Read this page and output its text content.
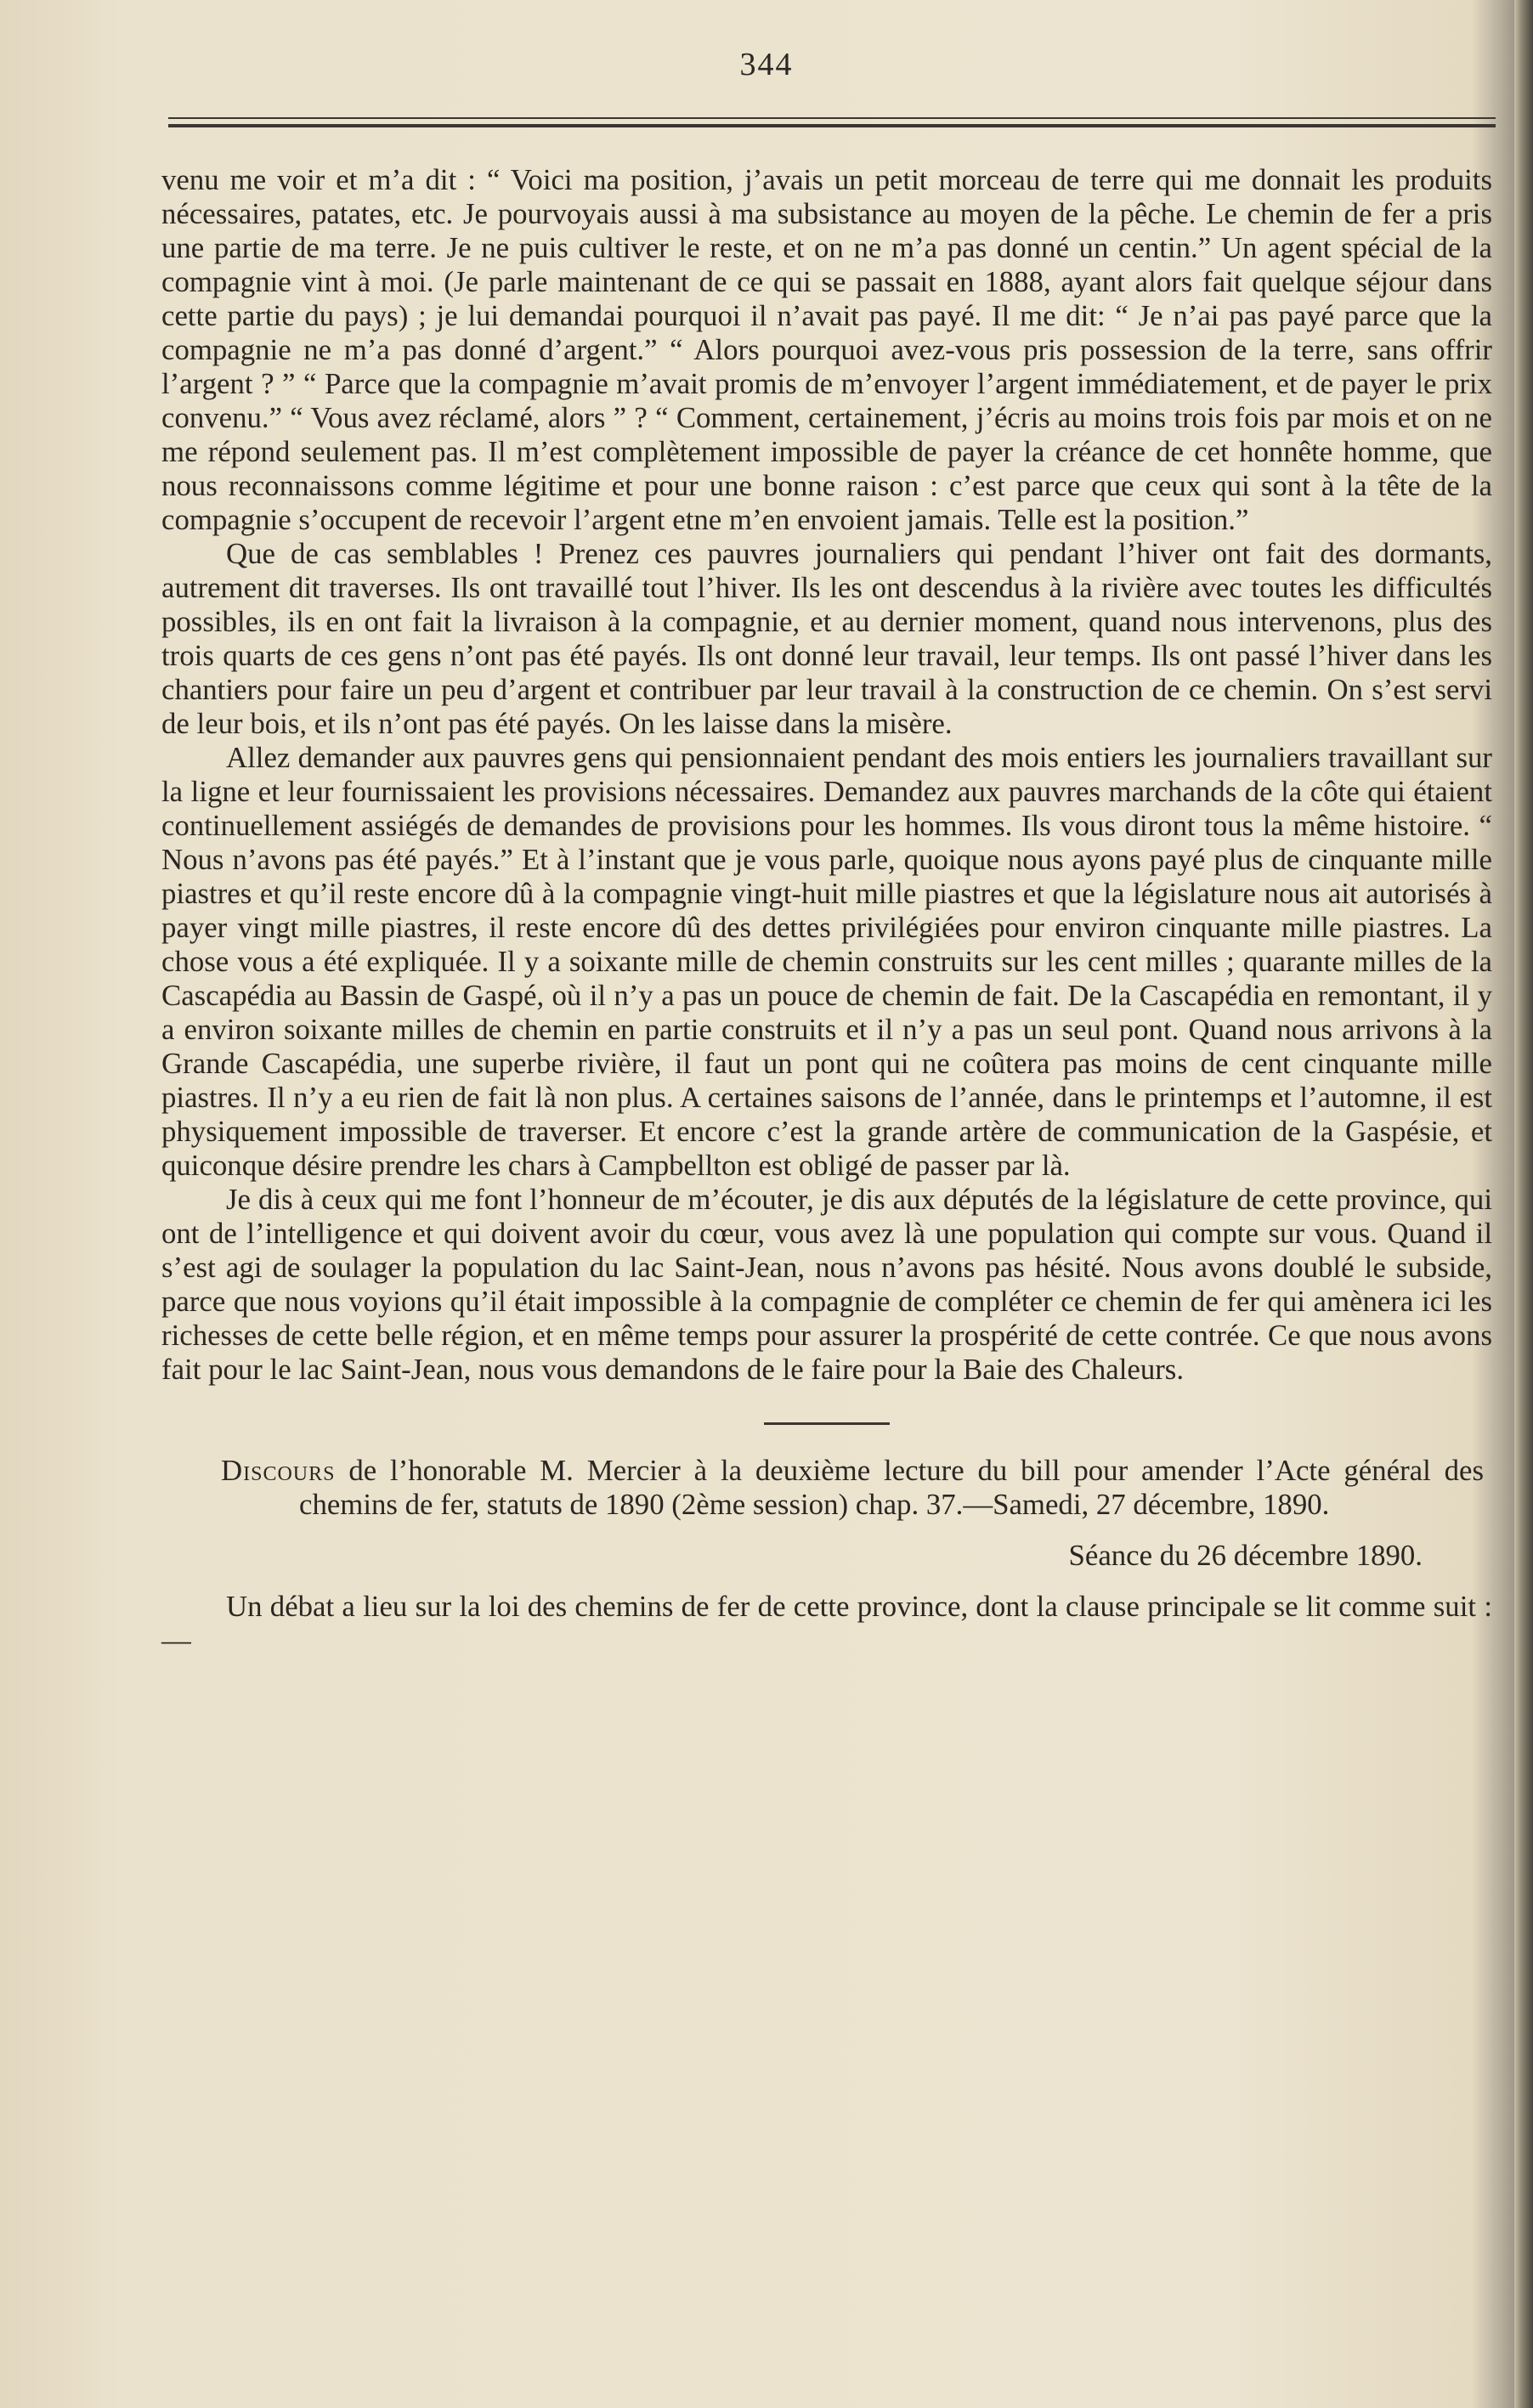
344

venu me voir et m’a dit : “ Voici ma position, j’avais un petit morceau de terre qui me donnait les produits nécessaires, patates, etc. Je pourvoyais aussi à ma subsistance au moyen de la pêche. Le chemin de fer a pris une partie de ma terre. Je ne puis cultiver le reste, et on ne m’a pas donné un centin.” Un agent spécial de la compagnie vint à moi. (Je parle maintenant de ce qui se passait en 1888, ayant alors fait quelque séjour dans cette partie du pays) ; je lui demandai pourquoi il n’avait pas payé. Il me dit: “ Je n’ai pas payé parce que la compagnie ne m’a pas donné d’argent.” “ Alors pourquoi avez-vous pris possession de la terre, sans offrir l’argent ? ” “ Parce que la compagnie m’avait promis de m’envoyer l’argent immédiatement, et de payer le prix convenu.” “ Vous avez réclamé, alors ” ? “ Comment, certainement, j’écris au moins trois fois par mois et on ne me répond seulement pas. Il m’est complètement impossible de payer la créance de cet honnête homme, que nous reconnaissons comme légitime et pour une bonne raison : c’est parce que ceux qui sont à la tête de la compagnie s’occupent de recevoir l’argent etne m’en envoient jamais. Telle est la position.”

Que de cas semblables ! Prenez ces pauvres journaliers qui pendant l’hiver ont fait des dormants, autrement dit traverses. Ils ont travaillé tout l’hiver. Ils les ont descendus à la rivière avec toutes les difficultés possibles, ils en ont fait la livraison à la compagnie, et au dernier moment, quand nous intervenons, plus des trois quarts de ces gens n’ont pas été payés. Ils ont donné leur travail, leur temps. Ils ont passé l’hiver dans les chantiers pour faire un peu d’argent et contribuer par leur travail à la construction de ce chemin. On s’est servi de leur bois, et ils n’ont pas été payés. On les laisse dans la misère.

Allez demander aux pauvres gens qui pensionnaient pendant des mois entiers les journaliers travaillant sur la ligne et leur fournissaient les provisions nécessaires. Demandez aux pauvres marchands de la côte qui étaient continuellement assiégés de demandes de provisions pour les hommes. Ils vous diront tous la même histoire. “ Nous n’avons pas été payés.” Et à l’instant que je vous parle, quoique nous ayons payé plus de cinquante mille piastres et qu’il reste encore dû à la compagnie vingt-huit mille piastres et que la législature nous ait autorisés à payer vingt mille piastres, il reste encore dû des dettes privilégiées pour environ cinquante mille piastres. La chose vous a été expliquée. Il y a soixante mille de chemin construits sur les cent milles ; quarante milles de la Cascapédia au Bassin de Gaspé, où il n’y a pas un pouce de chemin de fait. De la Cascapédia en remontant, il y a environ soixante milles de chemin en partie construits et il n’y a pas un seul pont. Quand nous arrivons à la Grande Cascapédia, une superbe rivière, il faut un pont qui ne coûtera pas moins de cent cinquante mille piastres. Il n’y a eu rien de fait là non plus. A certaines saisons de l’année, dans le printemps et l’automne, il est physiquement impossible de traverser. Et encore c’est la grande artère de communication de la Gaspésie, et quiconque désire prendre les chars à Campbellton est obligé de passer par là.

Je dis à ceux qui me font l’honneur de m’écouter, je dis aux députés de la législature de cette province, qui ont de l’intelligence et qui doivent avoir du cœur, vous avez là une population qui compte sur vous. Quand il s’est agi de soulager la population du lac Saint-Jean, nous n’avons pas hésité. Nous avons doublé le subside, parce que nous voyions qu’il était impossible à la compagnie de compléter ce chemin de fer qui amènera ici les richesses de cette belle région, et en même temps pour assurer la prospérité de cette contrée. Ce que nous avons fait pour le lac Saint-Jean, nous vous demandons de le faire pour la Baie des Chaleurs.

Discours de l’honorable M. Mercier à la deuxième lecture du bill pour amender l’Acte général des chemins de fer, statuts de 1890 (2ème session) chap. 37.—Samedi, 27 décembre, 1890.

Séance du 26 décembre 1890.

Un débat a lieu sur la loi des chemins de fer de cette province, dont la clause principale se lit comme suit :—
